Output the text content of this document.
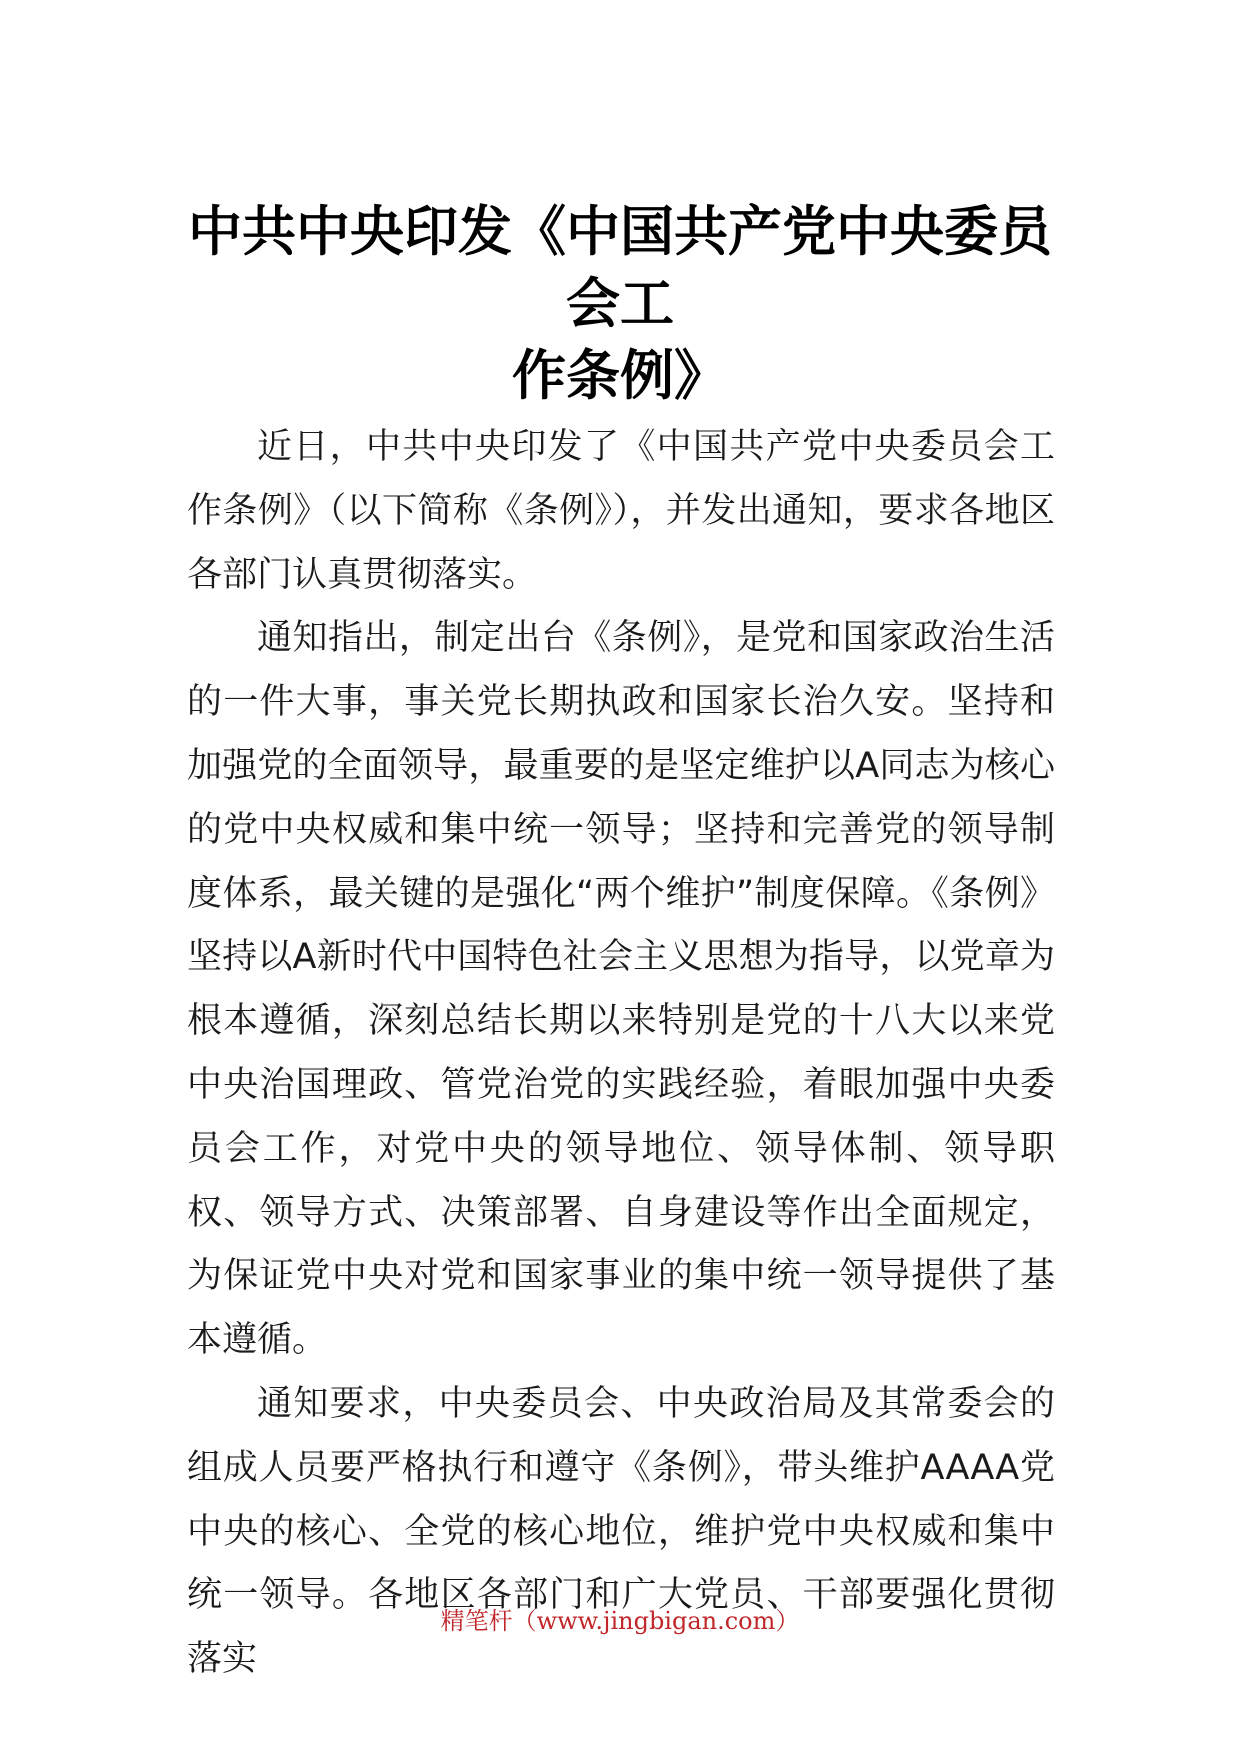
中共中央印发《中国共产党中央委员会工
作条例》

近日，中共中央印发了《中国共产党中央委员会工作条例》（以下简称《条例》），并发出通知，要求各地区各部门认真贯彻落实。

通知指出，制定出台《条例》，是党和国家政治生活的一件大事，事关党长期执政和国家长治久安。坚持和加强党的全面领导，最重要的是坚定维护以A同志为核心的党中央权威和集中统一领导；坚持和完善党的领导制度体系，最关键的是强化“两个维护”制度保障。《条例》坚持以A新时代中国特色社会主义思想为指导，以党章为根本遵循，深刻总结长期以来特别是党的十八大以来党中央治国理政、管党治党的实践经验，着眼加强中央委员会工作，对党中央的领导地位、领导体制、领导职权、领导方式、决策部署、自身建设等作出全面规定，为保证党中央对党和国家事业的集中统一领导提供了基本遵循。

通知要求，中央委员会、中央政治局及其常委会的组成人员要严格执行和遵守《条例》，带头维护AAAA党中央的核心、全党的核心地位，维护党中央权威和集中统一领导。各地区各部门和广大党员、干部要强化贯彻落实

精笔杆（www.jingbigan.com）
